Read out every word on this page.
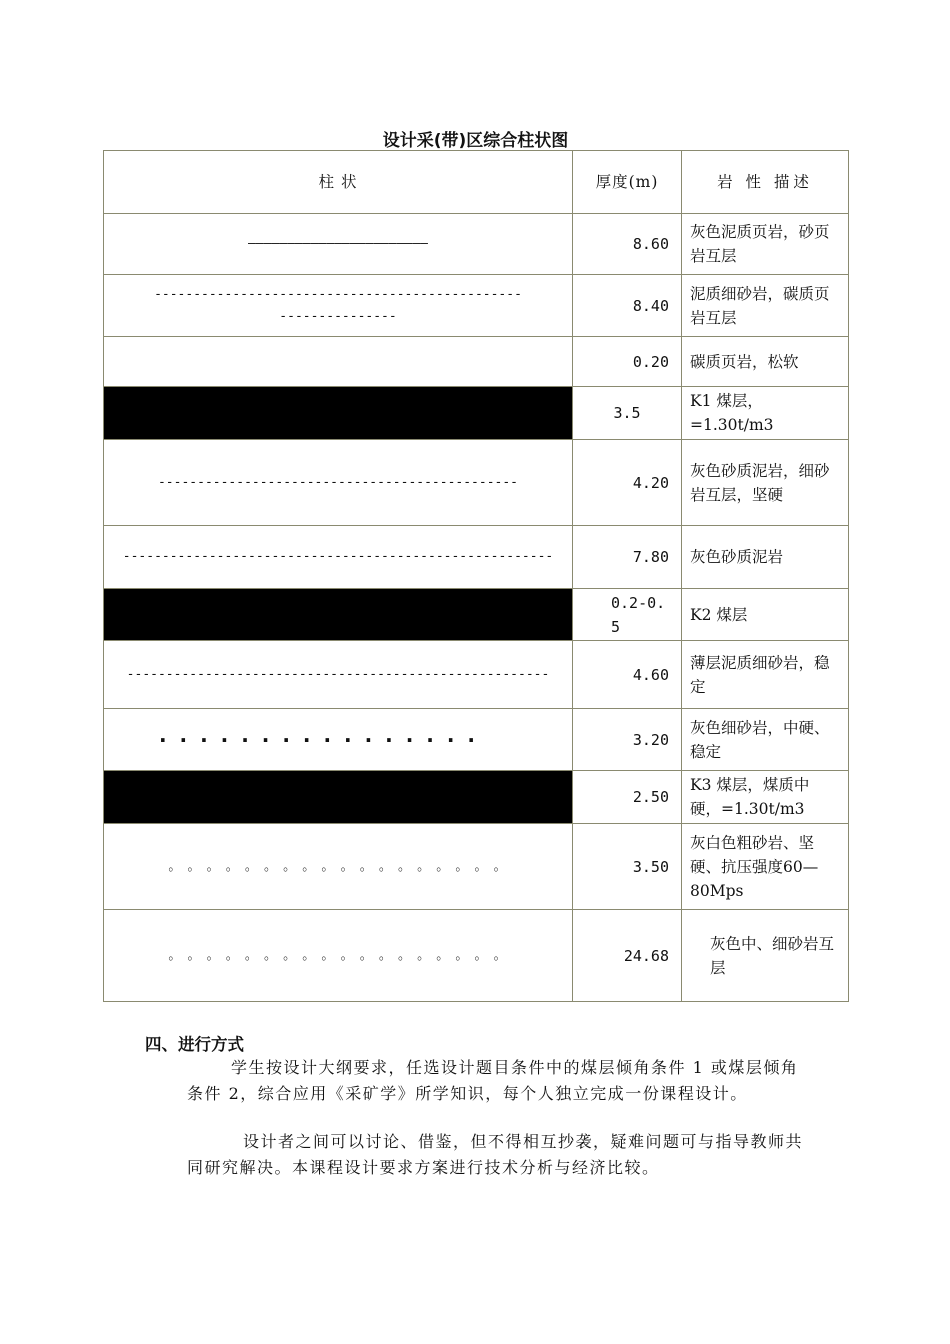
设计采(带)区综合柱状图
柱 状	厚度(m)	岩 性 描述
———————————————————————	8.60	灰色泥质页岩，砂页岩互层
--------------------------------------------------------------	8.40	泥质细砂岩，碳质页岩互层
	0.20	碳质页岩，松软
	3.5	K1 煤层，=1.30t/m3
----------------------------------------------	4.20	灰色砂质泥岩，细砂岩互层，坚硬
-------------------------------------------------------	7.80	灰色砂质泥岩
	0.2-0.5	K2 煤层
------------------------------------------------------	4.60	薄层泥质细砂岩，稳定
· · · · · · · · · · · · · · · ·	3.20	灰色细砂岩，中硬、稳定
	2.50	K3 煤层，煤质中硬，=1.30t/m3
。 。 。 。 。 。 。 。 。 。 。 。 。 。 。 。 。 。	3.50	灰白色粗砂岩、坚硬、抗压强度60—80Mps
。 。 。 。 。 。 。 。 。 。 。 。 。 。 。 。 。 。	24.68	灰色中、细砂岩互层
四、进行方式
学生按设计大纲要求，任选设计题目条件中的煤层倾角条件 1 或煤层倾角条件 2，综合应用《采矿学》所学知识，每个人独立完成一份课程设计。
设计者之间可以讨论、借鉴，但不得相互抄袭，疑难问题可与指导教师共同研究解决。本课程设计要求方案进行技术分析与经济比较。
